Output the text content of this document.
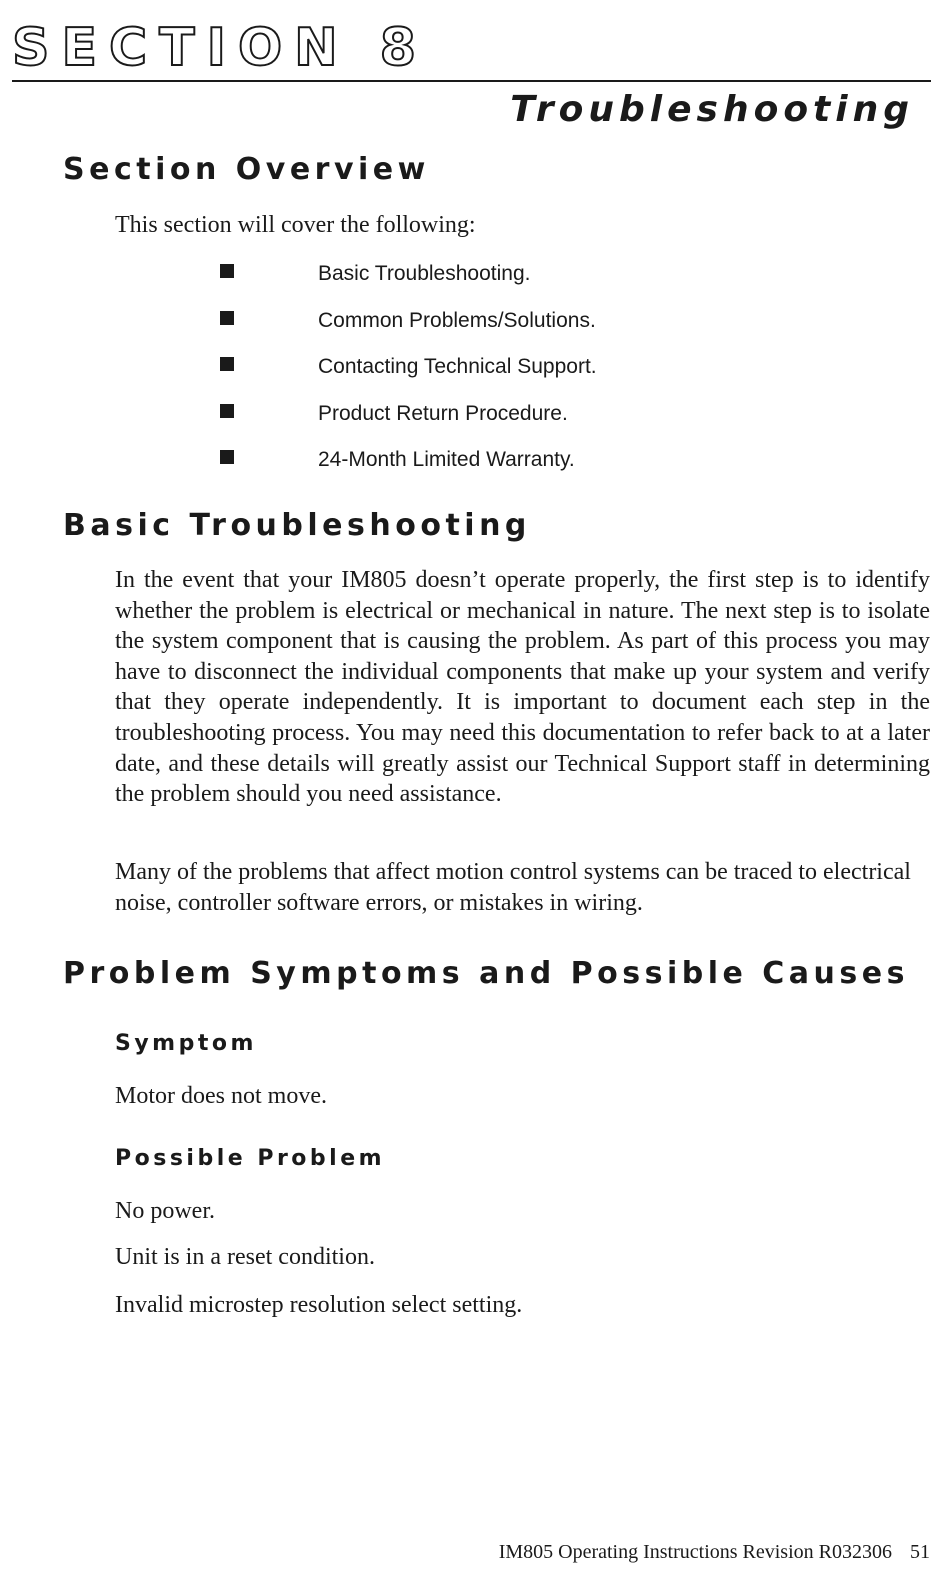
SECTION 8
Troubleshooting
Section Overview

This section will cover the following:

Basic Troubleshooting.
Common Problems/Solutions.
Contacting Technical Support.
Product Return Procedure.
24-Month Limited Warranty.
Basic Troubleshooting

In the event that your IM805 doesn’t operate properly, the first step is to identify whether the problem is electrical or mechanical in nature. The next step is to isolate the system component that is causing the problem. As part of this process you may have to disconnect the individual components that make up your system and verify that they operate independently. It is important to document each step in the troubleshooting process. You may need this documentation to refer back to at a later date, and these details will greatly assist our Technical Support staff in determining the problem should you need assistance.

Many of the problems that affect motion control systems can be traced to electrical noise, controller software errors, or mistakes in wiring.

Problem Symptoms and Possible Causes
Symptom

Motor does not move.

Possible Problem

No power.

Unit is in a reset condition.

Invalid microstep resolution select setting.

IM805 Operating Instructions Revision R032306 51
